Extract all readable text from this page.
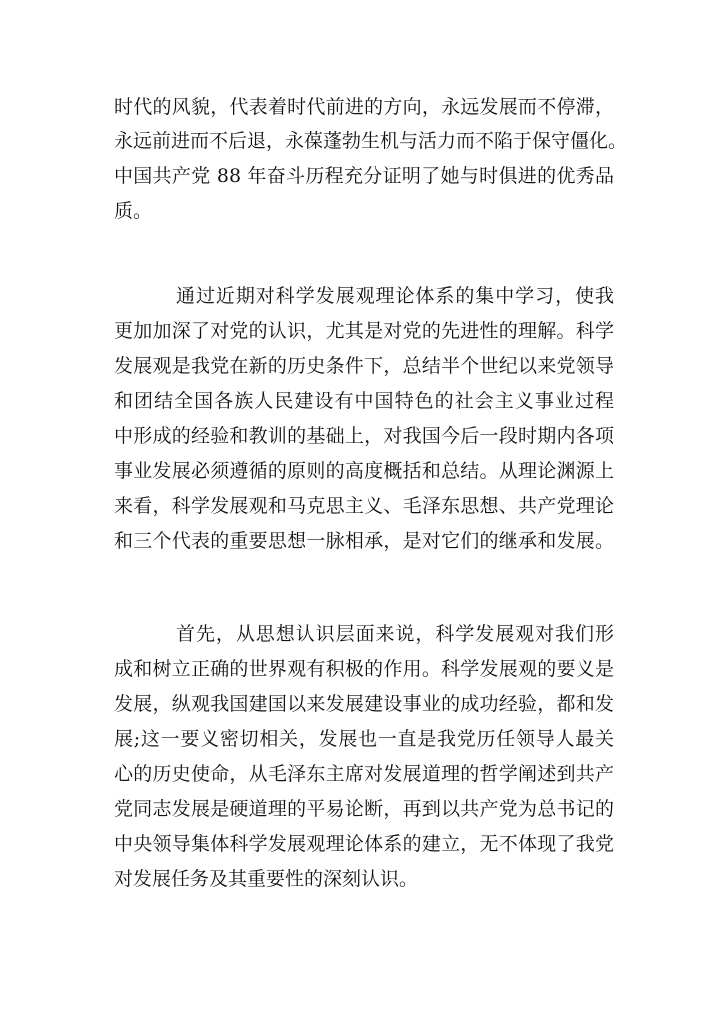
时代的风貌，代表着时代前进的方向，永远发展而不停滞，

永远前进而不后退，永葆蓬勃生机与活力而不陷于保守僵化。

中国共产党 88 年奋斗历程充分证明了她与时俱进的优秀品

质。

通过近期对科学发展观理论体系的集中学习，使我

更加加深了对党的认识，尤其是对党的先进性的理解。科学

发展观是我党在新的历史条件下，总结半个世纪以来党领导

和团结全国各族人民建设有中国特色的社会主义事业过程

中形成的经验和教训的基础上，对我国今后一段时期内各项

事业发展必须遵循的原则的高度概括和总结。从理论渊源上

来看，科学发展观和马克思主义、毛泽东思想、共产党理论

和三个代表的重要思想一脉相承，是对它们的继承和发展。

首先，从思想认识层面来说，科学发展观对我们形

成和树立正确的世界观有积极的作用。科学发展观的要义是

发展，纵观我国建国以来发展建设事业的成功经验，都和发

展;这一要义密切相关，发展也一直是我党历任领导人最关

心的历史使命，从毛泽东主席对发展道理的哲学阐述到共产

党同志发展是硬道理的平易论断，再到以共产党为总书记的

中央领导集体科学发展观理论体系的建立，无不体现了我党

对发展任务及其重要性的深刻认识。
